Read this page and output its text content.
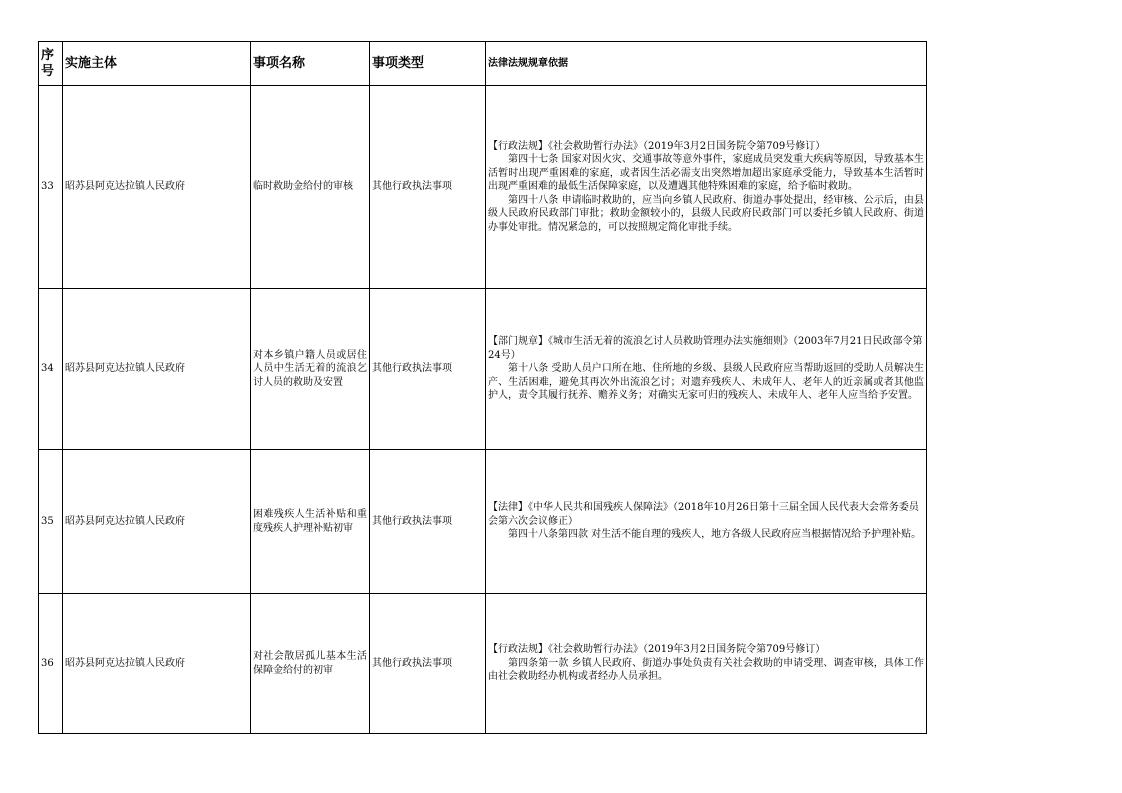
序号	实施主体	事项名称	事项类型	法律法规规章依据
33	昭苏县阿克达拉镇人民政府	临时救助金给付的审核	其他行政执法事项	【行政法规】《社会救助暂行办法》（2019年3月2日国务院令第709号修订）

第四十七条 国家对因火灾、交通事故等意外事件，家庭成员突发重大疾病等原因，导致基本生活暂时出现严重困难的家庭，或者因生活必需支出突然增加超出家庭承受能力，导致基本生活暂时出现严重困难的最低生活保障家庭，以及遭遇其他特殊困难的家庭，给予临时救助。

第四十八条 申请临时救助的，应当向乡镇人民政府、街道办事处提出，经审核、公示后，由县级人民政府民政部门审批；救助金额较小的，县级人民政府民政部门可以委托乡镇人民政府、街道办事处审批。情况紧急的，可以按照规定简化审批手续。

34	昭苏县阿克达拉镇人民政府	对本乡镇户籍人员或居住人员中生活无着的流浪乞讨人员的救助及安置	其他行政执法事项	【部门规章】《城市生活无着的流浪乞讨人员救助管理办法实施细则》（2003年7月21日民政部令第24号）

第十八条 受助人员户口所在地、住所地的乡级、县级人民政府应当帮助返回的受助人员解决生产、生活困难，避免其再次外出流浪乞讨；对遗弃残疾人、未成年人、老年人的近亲属或者其他监护人，责令其履行抚养、赡养义务；对确实无家可归的残疾人、未成年人、老年人应当给予安置。

35	昭苏县阿克达拉镇人民政府	困难残疾人生活补贴和重度残疾人护理补贴初审	其他行政执法事项	【法律】《中华人民共和国残疾人保障法》（2018年10月26日第十三届全国人民代表大会常务委员会第六次会议修正）

第四十八条第四款 对生活不能自理的残疾人，地方各级人民政府应当根据情况给予护理补贴。

36	昭苏县阿克达拉镇人民政府	对社会散居孤儿基本生活保障金给付的初审	其他行政执法事项	【行政法规】《社会救助暂行办法》（2019年3月2日国务院令第709号修订）

第四条第一款 乡镇人民政府、街道办事处负责有关社会救助的申请受理、调查审核，具体工作由社会救助经办机构或者经办人员承担。
